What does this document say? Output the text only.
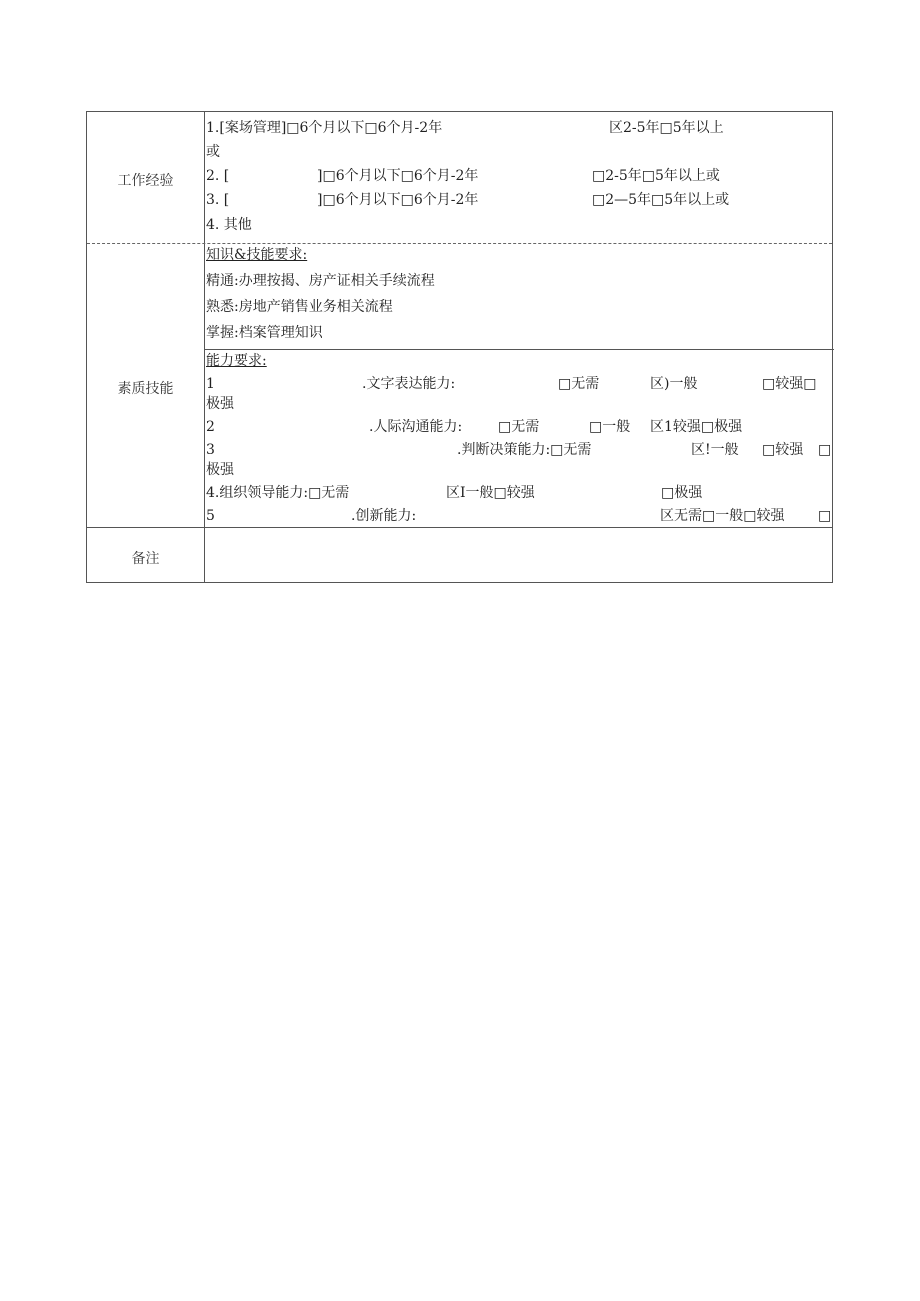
工作经验
1.[案场管理]□6个月以下□6个月-2年	区2-5年□5年以上
或
2. [	]□6个月以下□6个月-2年	□2-5年□5年以上或
3. [	]□6个月以下□6个月-2年	□2—5年□5年以上或
4. 其他
素质技能
知识&技能要求:
精通:办理按揭、房产证相关手续流程
熟悉:房地产销售业务相关流程
掌握:档案管理知识
能力要求:
1	.文字表达能力:	□无需	区)一般	□较强□
极强
2	.人际沟通能力:	□无需	□一般 区1较强□极强
3	.判断决策能力:□无需	区!一般 □较强 □
极强
4.组织领导能力:□无需	区I一般□较强	□极强
5	.创新能力:	区无需□一般□较强 □
备注
